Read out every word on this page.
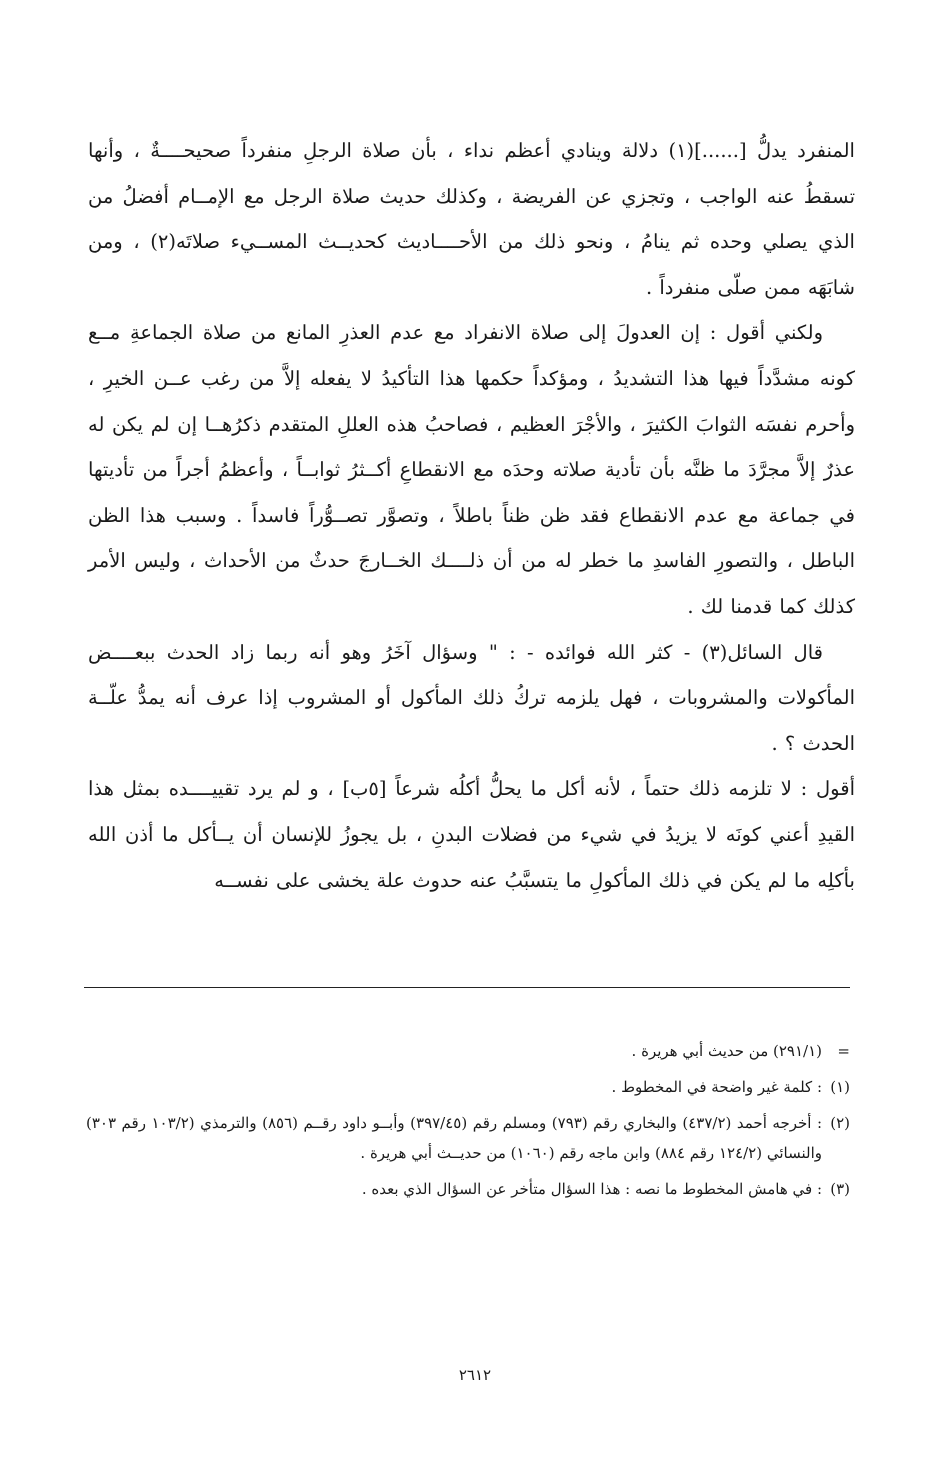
المنفرد يدلُّ [......](١) دلالة وينادي أعظم نداء ، بأن صلاة الرجلِ منفرداً صحيحــــةٌ ، وأنها تسقطُ عنه الواجب ، وتجزي عن الفريضة ، وكذلك حديث صلاة الرجل مع الإمــام أفضلُ من الذي يصلي وحده ثم ينامُ ، ونحو ذلك من الأحــــاديث كحديــث المســيء صلاتَه(٢) ، ومن شابَهَه ممن صلّى منفرداً .

ولكني أقول : إن العدولَ إلى صلاة الانفراد مع عدم العذرِ المانع من صلاة الجماعةِ مــع كونه مشدَّداً فيها هذا التشديدُ ، ومؤكداً حكمها هذا التأكيدُ لا يفعله إلاَّ من رغب عــن الخيرِ ، وأحرم نفسَه الثوابَ الكثيرَ ، والأجْرَ العظيم ، فصاحبُ هذه العللِ المتقدم ذكرُهــا إن لم يكن له عذرٌ إلاَّ مجرَّدَ ما ظنَّه بأن تأدية صلاته وحدَه مع الانقطاعِ أكــثرُ ثوابــاً ، وأعظمُ أجراً من تأديتها في جماعة مع عدم الانقطاع فقد ظن ظناً باطلاً ، وتصوَّر تصــوُّراً فاسداً . وسبب هذا الظن الباطل ، والتصورِ الفاسدِ ما خطر له من أن ذلــــك الخــارجَ حدثٌ من الأحداث ، وليس الأمر كذلك كما قدمنا لك .

قال السائل(٣) - كثر الله فوائده - : " وسؤال آخَرُ وهو أنه ربما زاد الحدث ببعــــض المأكولات والمشروبات ، فهل يلزمه تركُ ذلك المأكول أو المشروب إذا عرف أنه يمدُّ علّــة الحدث ؟ .

أقول : لا تلزمه ذلك حتماً ، لأنه أكل ما يحلُّ أكلُه شرعاً [٥ب] ، و لم يرد تقييــــده بمثل هذا القيدِ أعني كونَه لا يزيدُ في شيء من فضلات البدنِ ، بل يجوزُ للإنسان أن يــأكل ما أذن الله بأكلِه ما لم يكن في ذلك المأكولِ ما يتسبَّبُ عنه حدوث علة يخشى على نفســه

=
(٢٩١/١) من حديث أبي هريرة .
(١)
: كلمة غير واضحة في المخطوط .
(٢)
: أخرجه أحمد (٤٣٧/٢) والبخاري رقم (٧٩٣) ومسلم رقم (٣٩٧/٤٥) وأبــو داود رقــم (٨٥٦) والترمذي (١٠٣/٢ رقم ٣٠٣) والنسائي (١٢٤/٢ رقم ٨٨٤) وابن ماجه رقم (١٠٦٠) من حديــث أبي هريرة .
(٣)
: في هامش المخطوط ما نصه : هذا السؤال متأخر عن السؤال الذي بعده .
٢٦١٢
